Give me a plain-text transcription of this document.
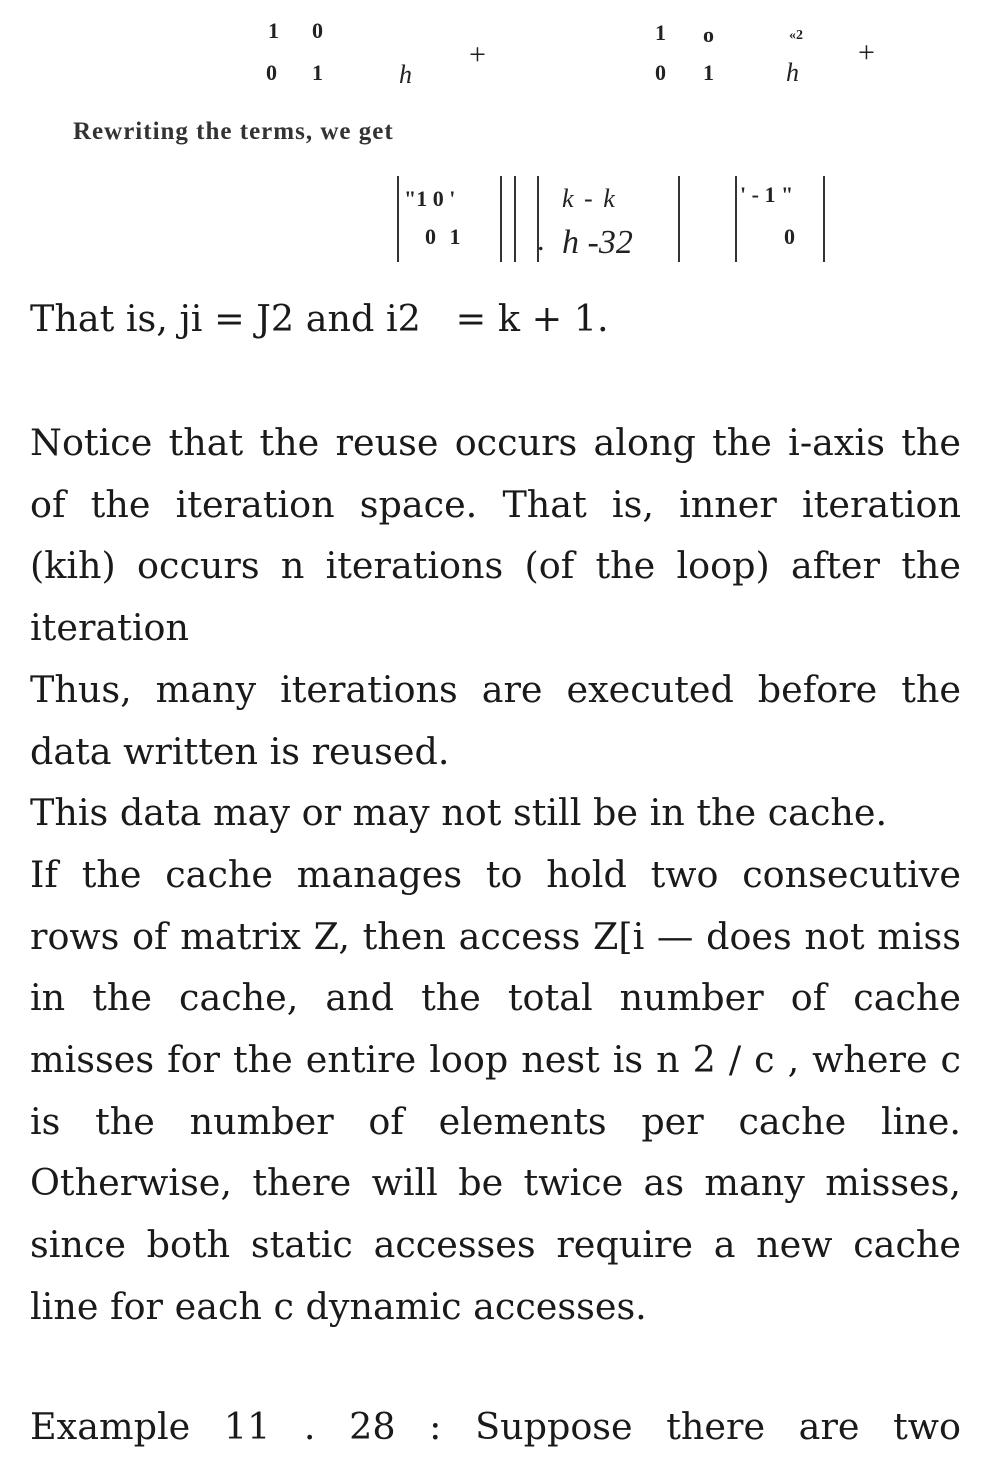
1 0
0 1	h
+
1 o
0 1
«2
h
+
Rewriting the terms, we get
"1 0 '
0 1
k - k
. h -32
' - 1 "
0
That is, ji = J2 and i2   = k + 1.

Notice that the reuse occurs along the i-axis the of the iteration space. That is, inner iteration (kih) occurs n iterations (of the loop) after the iteration

Thus, many iterations are executed before the data written is reused.

This data may or may not still be in the cache.

If the cache manages to hold two consecutive rows of matrix Z, then access Z[i — does not miss in the cache, and the total number of cache misses for the entire loop nest is n 2 / c , where c is the number of elements per cache line. Otherwise, there will be twice as many misses, since both static accesses require a new cache line for each c dynamic accesses.

Example 11 . 28 : Suppose there are two
